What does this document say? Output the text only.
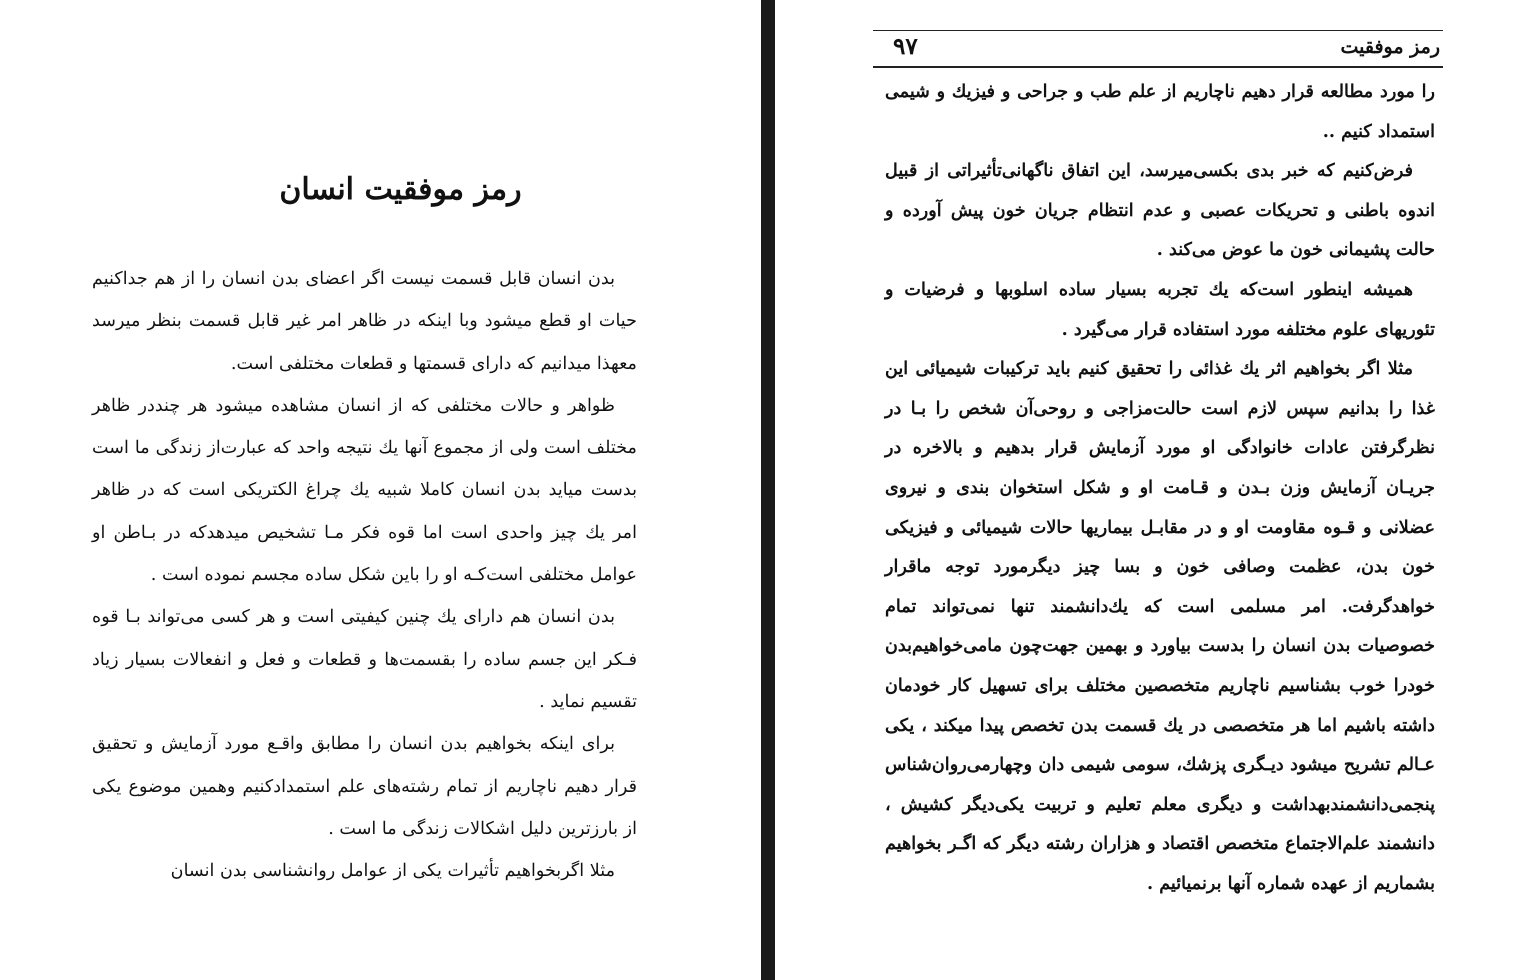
رمز موفقیت انسان

بدن انسان قابل قسمت نیست اگر اعضای بدن انسان را از هم جداکنیم حیات او قطع میشود وبا اینکه در ظاهر امر غیر قابل قسمت بنظر میرسد معهذا میدانیم که دارای قسمتها و قطعات مختلفی است.

ظواهر و حالات مختلفی که از انسان مشاهده میشود هر چنددر ظاهر مختلف است ولی از مجموع آنها یك نتیجه واحد که عبارت‌از زندگی ما است بدست میاید بدن انسان کاملا شبیه یك چراغ الکتریکی است که در ظاهر امر یك چیز واحدی است اما قوه فکر مـا تشخیص میدهدکه در بـاطن او عوامل مختلفی است‌کـه او را باین شکل ساده مجسم نموده است .

بدن انسان هم دارای یك چنین کیفیتی است و هر کسی می‌تواند بـا قوه فـکر این جسم ساده را بقسمت‌ها و قطعات و فعل و انفعالات بسیار زیاد تقسیم نماید .

برای اینکه بخواهیم بدن انسان را مطابق واقـع مورد آزمایش و تحقیق قرار دهیم ناچاریم از تمام رشته‌های علم استمدادکنیم وهمین موضوع یکی از بارزترین دلیل اشکالات زندگی ما است .

مثلا اگربخواهیم تأثیرات یکی از عوامل روانشناسی بدن انسان

رمز موفقیت
۹۷

را مورد مطالعه قرار دهیم ناچاریم از علم طب و جراحی و فیزیك و شیمی استمداد کنیم ..

فرض‌کنیم که خبر بدی بکسی‌میرسد، این اتفاق ناگهانی‌تأثیراتی از قبیل اندوه باطنی و تحریکات عصبی و عدم انتظام جریان خون پیش آورده و حالت پشیمانی خون ما عوض می‌کند .

همیشه اینطور است‌که یك تجربه بسیار ساده اسلوبها و فرضیات و تئوریهای علوم مختلفه مورد استفاده قرار می‌گیرد .

مثلا اگر بخواهیم اثر یك غذائی را تحقیق کنیم باید ترکیبات شیمیائی این غذا را بدانیم سپس لازم است حالت‌مزاجی و روحی‌آن شخص را بـا در نظرگرفتن عادات خانوادگی او مورد آزمایش قرار بدهیم و بالاخره در جریـان آزمایش وزن بـدن و قـامت او و شکل استخوان بندی و نیروی عضلانی و قـوه مقاومت او و در مقابـل بیماریها حالات شیمیائی و فیزیکی خون بدن، عظمت وصافی خون و بسا چیز دیگرمورد توجه ماقرار خواهدگرفت. امر مسلمی است که یك‌دانشمند تنها نمی‌تواند تمام خصوصیات بدن انسان را بدست بیاورد و بهمین جهت‌چون مامی‌خواهیم‌بدن خودرا خوب بشناسیم ناچاریم متخصصین مختلف برای تسهیل کار خودمان داشته باشیم اما هر متخصصی در یك قسمت بدن تخصص پیدا میکند ، یکی عـالم تشریح میشود دیـگری پزشك، سومی شیمی دان وچهارمی‌روان‌شناس پنجمی‌دانشمندبهداشت و دیگری معلم تعلیم و تربیت یکی‌دیگر کشیش ، دانشمند علم‌الاجتماع متخصص اقتصاد و هزاران رشته دیگر که اگـر بخواهیم بشماریم از عهده شماره آنها برنمیائیم .
